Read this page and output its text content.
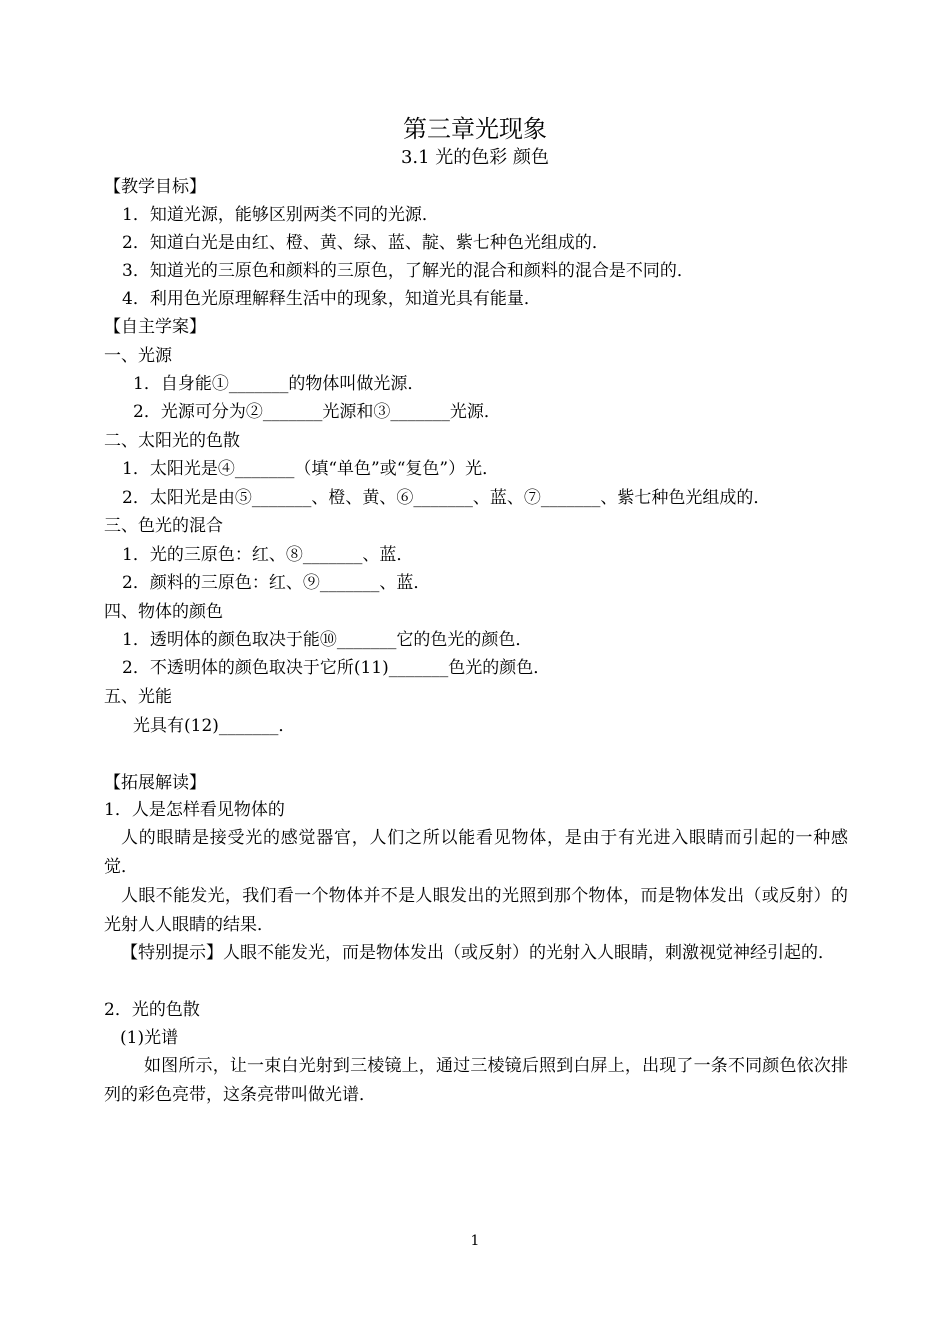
第三章光现象
3.1 光的色彩 颜色
【教学目标】
1．知道光源，能够区别两类不同的光源．
2．知道白光是由红、橙、黄、绿、蓝、靛、紫七种色光组成的．
3．知道光的三原色和颜料的三原色，了解光的混合和颜料的混合是不同的．
4．利用色光原理解释生活中的现象，知道光具有能量．
【自主学案】
一、光源
1．自身能①_______的物体叫做光源．
2．光源可分为②_______光源和③_______光源．
二、太阳光的色散
1．太阳光是④_______（填“单色”或“复色”）光．
2．太阳光是由⑤_______、橙、黄、⑥_______、蓝、⑦_______、紫七种色光组成的．
三、色光的混合
1．光的三原色：红、⑧_______、蓝．
2．颜料的三原色：红、⑨_______、蓝．
四、物体的颜色
1．透明体的颜色取决于能⑩_______它的色光的颜色．
2．不透明体的颜色取决于它所(11)_______色光的颜色．
五、光能
光具有(12)_______．
【拓展解读】
1．人是怎样看见物体的
人的眼睛是接受光的感觉器官，人们之所以能看见物体，是由于有光进入眼睛而引起的一种感觉．
人眼不能发光，我们看一个物体并不是人眼发出的光照到那个物体，而是物体发出（或反射）的光射人人眼睛的结果．
【特别提示】人眼不能发光，而是物体发出（或反射）的光射入人眼睛，刺激视觉神经引起的．
2．光的色散
(1)光谱
如图所示，让一束白光射到三棱镜上，通过三棱镜后照到白屏上，出现了一条不同颜色依次排列的彩色亮带，这条亮带叫做光谱．
1
